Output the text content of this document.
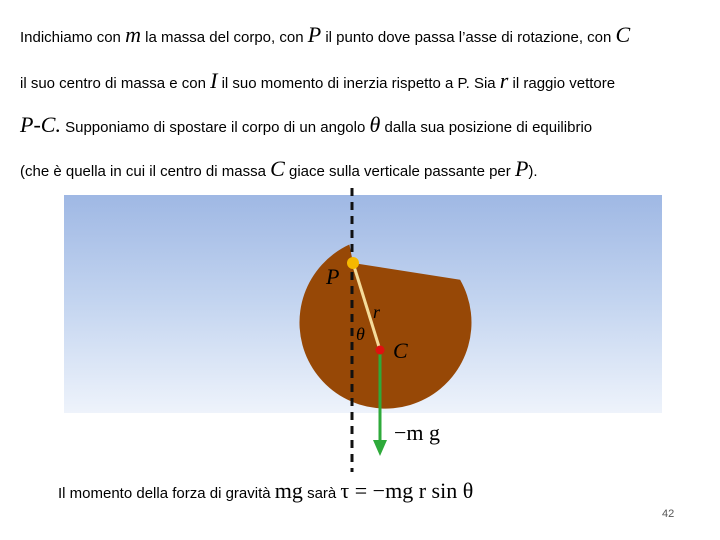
Indichiamo con m la massa del corpo, con P il punto dove passa l’asse di rotazione, con C
il suo centro di massa e con I il suo momento di inerzia rispetto a P. Sia r il raggio vettore
P-C. Supponiamo di spostare il corpo di un angolo θ dalla sua posizione di equilibrio
(che è quella in cui il centro di massa C giace sulla verticale passante per P).
P
r
θ
C
−m g
Il momento della forza di gravità mg sarà τ = −mg r sin θ
42
